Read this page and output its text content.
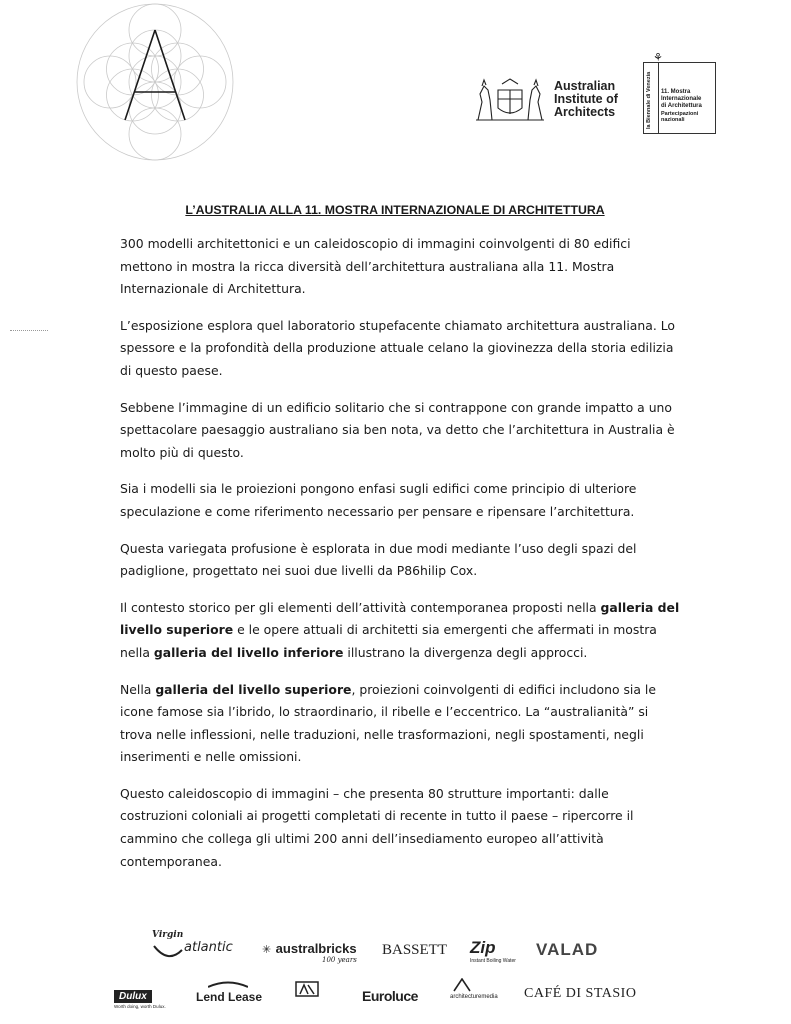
Australian
Institute of
Architects
⚘
la Biennale di Venezia	11. Mostra
Internazionale
di Architettura
Partecipazioni nazionali
L’AUSTRALIA ALLA 11. MOSTRA INTERNAZIONALE DI ARCHITETTURA

300 modelli architettonici e un caleidoscopio di immagini coinvolgenti di 80 edifici mettono in mostra la ricca diversità dell’architettura australiana alla 11. Mostra Internazionale di Architettura.

L’esposizione esplora quel laboratorio stupefacente chiamato architettura australiana. Lo spessore e la profondità della produzione attuale celano la giovinezza della storia edilizia di questo paese.

Sebbene l’immagine di un edificio solitario che si contrappone con grande impatto a uno spettacolare paesaggio australiano sia ben nota, va detto che l’architettura in Australia è molto più di questo.

Sia i modelli sia le proiezioni pongono enfasi sugli edifici come principio di ulteriore speculazione e come riferimento necessario per pensare e ripensare l’architettura.

Questa variegata profusione è esplorata in due modi mediante l’uso degli spazi del padiglione, progettato nei suoi due livelli da P86hilip Cox.

Il contesto storico per gli elementi dell’attività contemporanea proposti nella galleria del livello superiore e le opere attuali di architetti sia emergenti che affermati in mostra nella galleria del livello inferiore illustrano la divergenza degli approcci.

Nella galleria del livello superiore, proiezioni coinvolgenti di edifici includono sia le icone famose sia l’ibrido, lo straordinario, il ribelle e l’eccentrico. La “australianità” si trova nelle inflessioni, nelle traduzioni, nelle trasformazioni, negli spostamenti, negli inserimenti e nelle omissioni.

Questo caleidoscopio di immagini – che presenta 80 strutture importanti: dalle costruzioni coloniali ai progetti completati di recente in tutto il paese – ripercorre il cammino che collega gli ultimi 200 anni dell’insediamento europeo all’attività contemporanea.

Virgin
atlantic	✳ australbricks
100 years
BASSETT Zip
Instant Boiling Water
VALAD
Dulux
Worth doing, worth Dulux.
Lend Lease	Euroluce	architecturemedia CAFÉ DI STASIO
